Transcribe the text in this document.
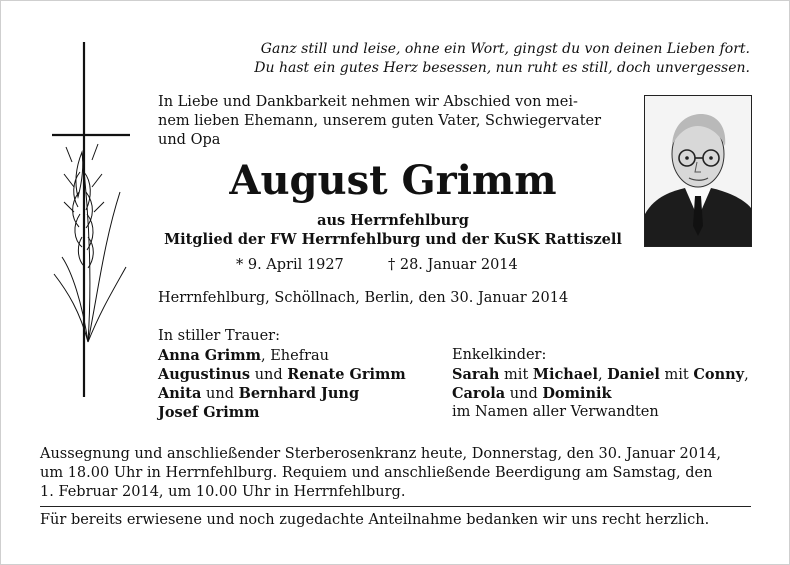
Ganz still und leise, ohne ein Wort, gingst du von deinen Lieben fort.
Du hast ein gutes Herz besessen, nun ruht es still, doch unvergessen.
In Liebe und Dankbarkeit nehmen wir Abschied von mei-
nem lieben Ehemann, unserem guten Vater, Schwiegervater
und Opa
August Grimm
aus Herrnfehlburg
Mitglied der FW Herrnfehlburg und der KuSK Rattiszell
* 9. April 1927	† 28. Januar 2014
Herrnfehlburg, Schöllnach, Berlin, den 30. Januar 2014
In stiller Trauer:
Anna Grimm, Ehefrau
Augustinus und Renate Grimm
Anita und Bernhard Jung
Josef Grimm
Enkelkinder:
Sarah mit Michael, Daniel mit Conny,
Carola und Dominik
im Namen aller Verwandten
Aussegnung und anschließender Sterberosenkranz heute, Donnerstag, den 30. Januar 2014,
um 18.00 Uhr in Herrnfehlburg. Requiem und anschließende Beerdigung am Samstag, den
1. Februar 2014, um 10.00 Uhr in Herrnfehlburg.
Für bereits erwiesene und noch zugedachte Anteilnahme bedanken wir uns recht herzlich.
